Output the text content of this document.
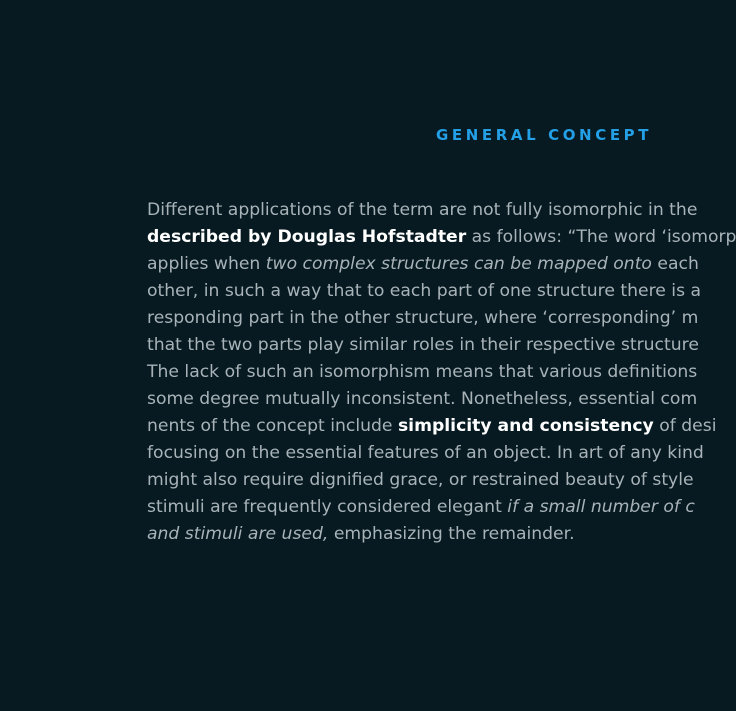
GENERAL CONCEPT
Different applications of the term are not fully isomorphic in the
described by Douglas Hofstadter as follows: “The word ‘isomorp
applies when two complex structures can be mapped onto each
other, in such a way that to each part of one structure there is a
responding part in the other structure, where ‘corresponding’ m
that the two parts play similar roles in their respective structure
The lack of such an isomorphism means that various definitions
some degree mutually inconsistent. Nonetheless, essential com
nents of the concept include simplicity and consistency of desi
focusing on the essential features of an object. In art of any kind
might also require dignified grace, or restrained beauty of style
stimuli are frequently considered elegant if a small number of c
and stimuli are used, emphasizing the remainder.
